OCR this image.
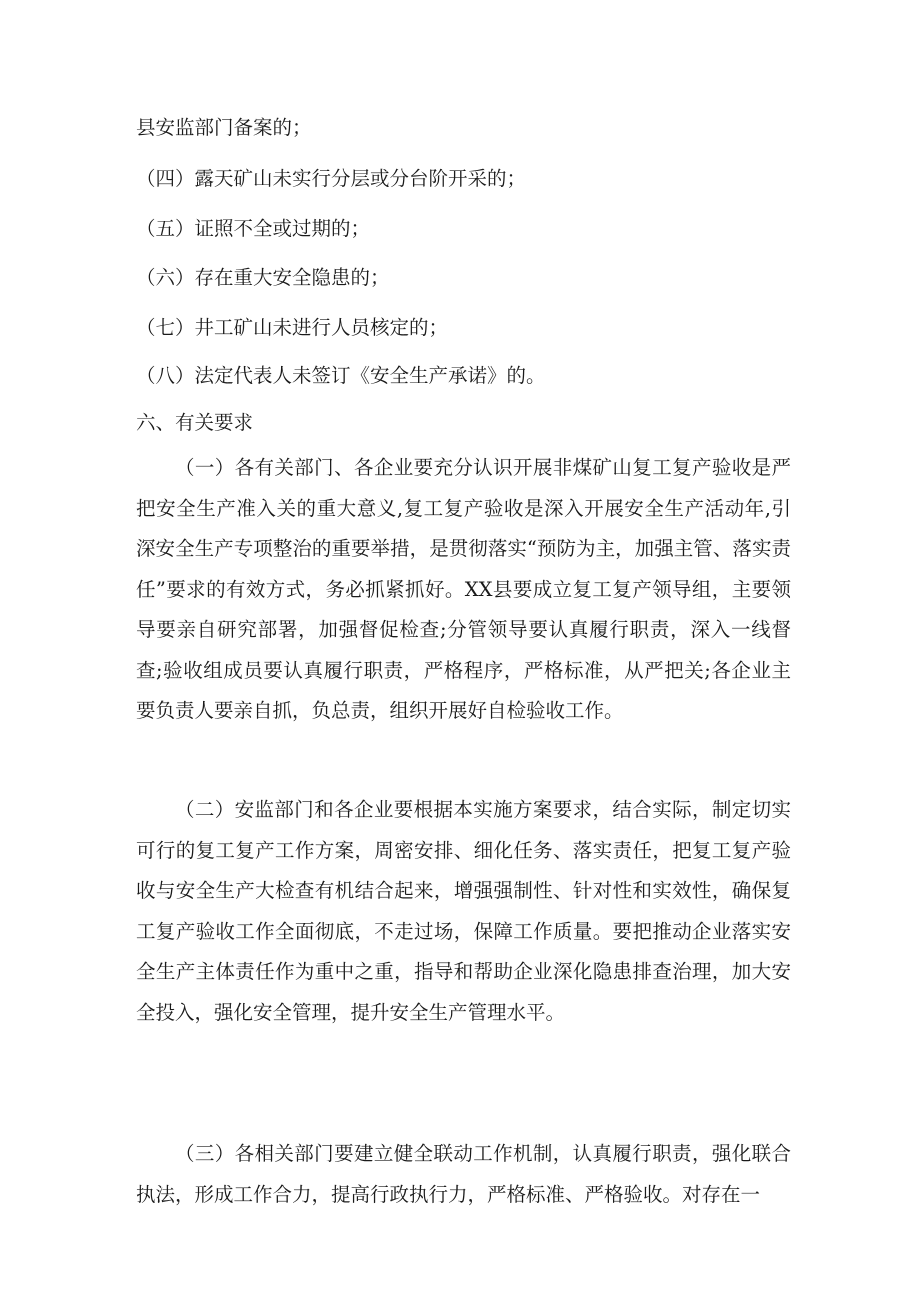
县安监部门备案的；
（四）露天矿山未实行分层或分台阶开采的；
（五）证照不全或过期的；
（六）存在重大安全隐患的；
（七）井工矿山未进行人员核定的；
（八）法定代表人未签订《安全生产承诺》的。
六、有关要求

（一）各有关部门、各企业要充分认识开展非煤矿山复工复产验收是严把安全生产准入关的重大意义,复工复产验收是深入开展安全生产活动年,引深安全生产专项整治的重要举措，是贯彻落实“预防为主，加强主管、落实责任”要求的有效方式，务必抓紧抓好。XX县要成立复工复产领导组，主要领导要亲自研究部署，加强督促检查;分管领导要认真履行职责，深入一线督查;验收组成员要认真履行职责，严格程序，严格标准，从严把关;各企业主要负责人要亲自抓，负总责，组织开展好自检验收工作。

（二）安监部门和各企业要根据本实施方案要求，结合实际，制定切实可行的复工复产工作方案，周密安排、细化任务、落实责任，把复工复产验收与安全生产大检查有机结合起来，增强强制性、针对性和实效性，确保复工复产验收工作全面彻底，不走过场，保障工作质量。要把推动企业落实安全生产主体责任作为重中之重，指导和帮助企业深化隐患排查治理，加大安全投入，强化安全管理，提升安全生产管理水平。

（三）各相关部门要建立健全联动工作机制，认真履行职责，强化联合执法，形成工作合力，提高行政执行力，严格标准、严格验收。对存在一
